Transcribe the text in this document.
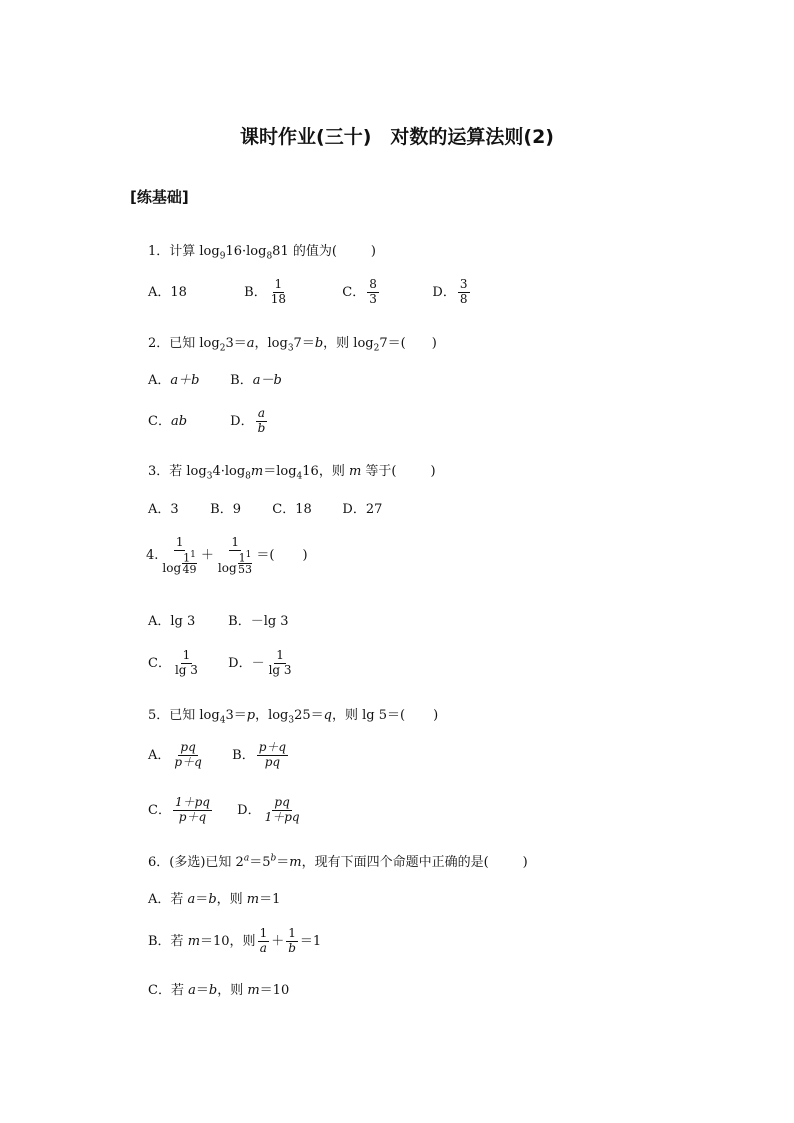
课时作业(三十)　对数的运算法则(2)
[练基础]
1．计算 $\log_916\cdot\log_881$ 的值为(	)
A．18	B． $\frac{1}{18}$	C． $\frac{8}{3}$	D． $\frac{3}{8}$
2．已知 $\log_23=a$，$\log_37=b$，则 $\log_27=$( )
A．a＋b B．a－b
C．ab	D． $\frac{a}{b}$
3．若 $\log_34\cdot\log_8m=\log_416$，则 m 等于(	)
A．3 B．9 C．18 D．27
4. 1
log
$1^1$
49 ＋ 1
log
$1^1$
53 ＝( )
A．lg 3	B．－lg 3
C． $\frac{1}{\lg 3}$ D．－ $\frac{1}{\lg 3}$
5．已知 $\log_43=p$，$\log_325=q$，则 lg 5＝( )
A． $\frac{pq}{p+q}$ B． $\frac{p+q}{pq}$
C． $\frac{1+pq}{p+q}$ D． $\frac{pq}{1+pq}$
6．(多选)已知 $2^a=5^b=m$，现有下面四个命题中正确的是(	)
A．若 a＝b，则 m＝1
B．若 m＝10，则 $\frac{1}{a} + \frac{1}{b} =1$
C．若 a＝b，则 m＝10
